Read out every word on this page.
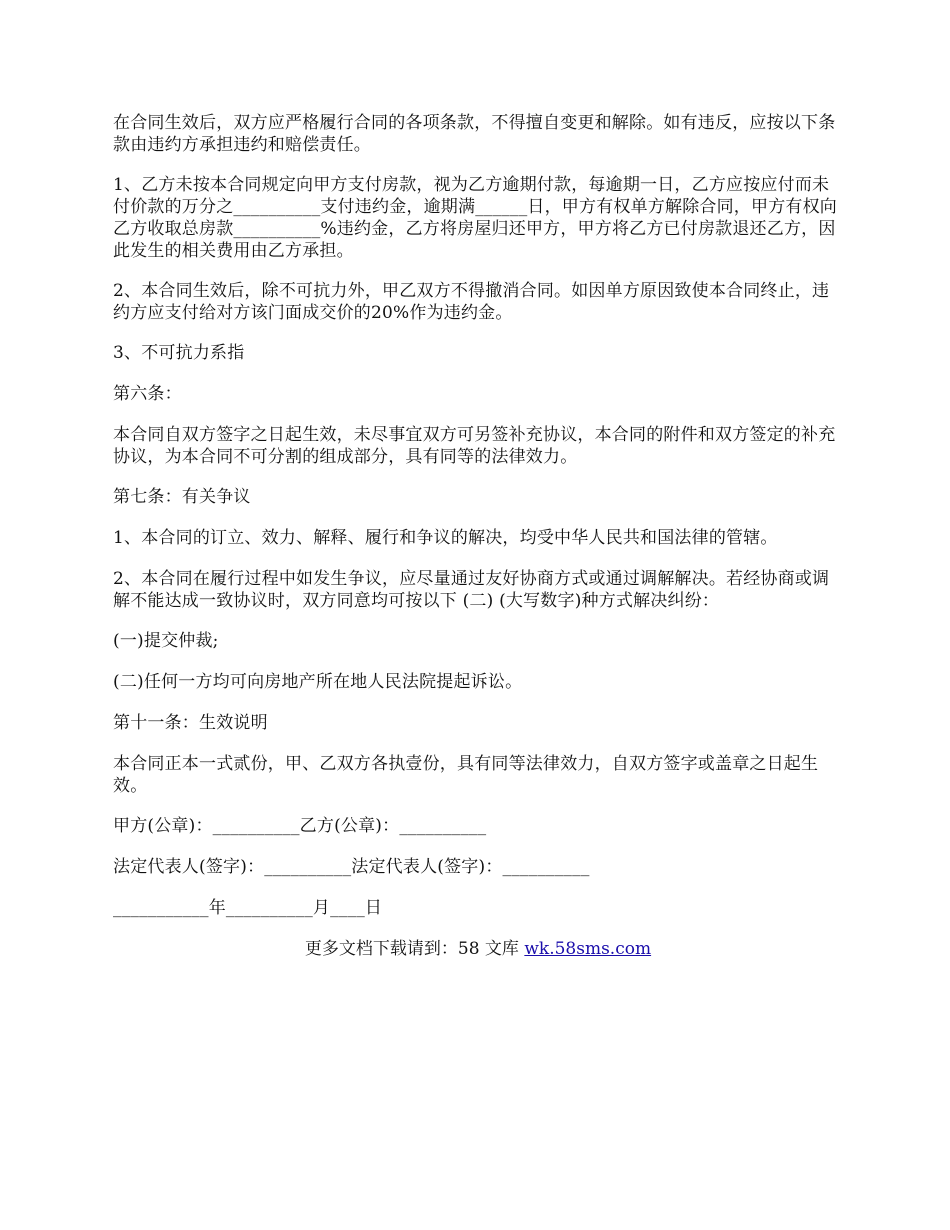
在合同生效后，双方应严格履行合同的各项条款，不得擅自变更和解除。如有违反，应按以下条款由违约方承担违约和赔偿责任。

1、乙方未按本合同规定向甲方支付房款，视为乙方逾期付款，每逾期一日，乙方应按应付而未付价款的万分之__________支付违约金，逾期满______日，甲方有权单方解除合同，甲方有权向乙方收取总房款__________%违约金，乙方将房屋归还甲方，甲方将乙方已付房款退还乙方，因此发生的相关费用由乙方承担。

2、本合同生效后，除不可抗力外，甲乙双方不得撤消合同。如因单方原因致使本合同终止，违约方应支付给对方该门面成交价的20%作为违约金。

3、不可抗力系指

第六条：

本合同自双方签字之日起生效，未尽事宜双方可另签补充协议，本合同的附件和双方签定的补充协议，为本合同不可分割的组成部分，具有同等的法律效力。

第七条：有关争议

1、本合同的订立、效力、解释、履行和争议的解决，均受中华人民共和国法律的管辖。

2、本合同在履行过程中如发生争议，应尽量通过友好协商方式或通过调解解决。若经协商或调解不能达成一致协议时，双方同意均可按以下 (二) (大写数字)种方式解决纠纷：

(一)提交仲裁;

(二)任何一方均可向房地产所在地人民法院提起诉讼。

第十一条：生效说明

本合同正本一式贰份，甲、乙双方各执壹份，具有同等法律效力，自双方签字或盖章之日起生效。

甲方(公章)：__________乙方(公章)：__________

法定代表人(签字)：__________法定代表人(签字)：__________

___________年__________月____日

更多文档下载请到：58 文库 wk.58sms.com
